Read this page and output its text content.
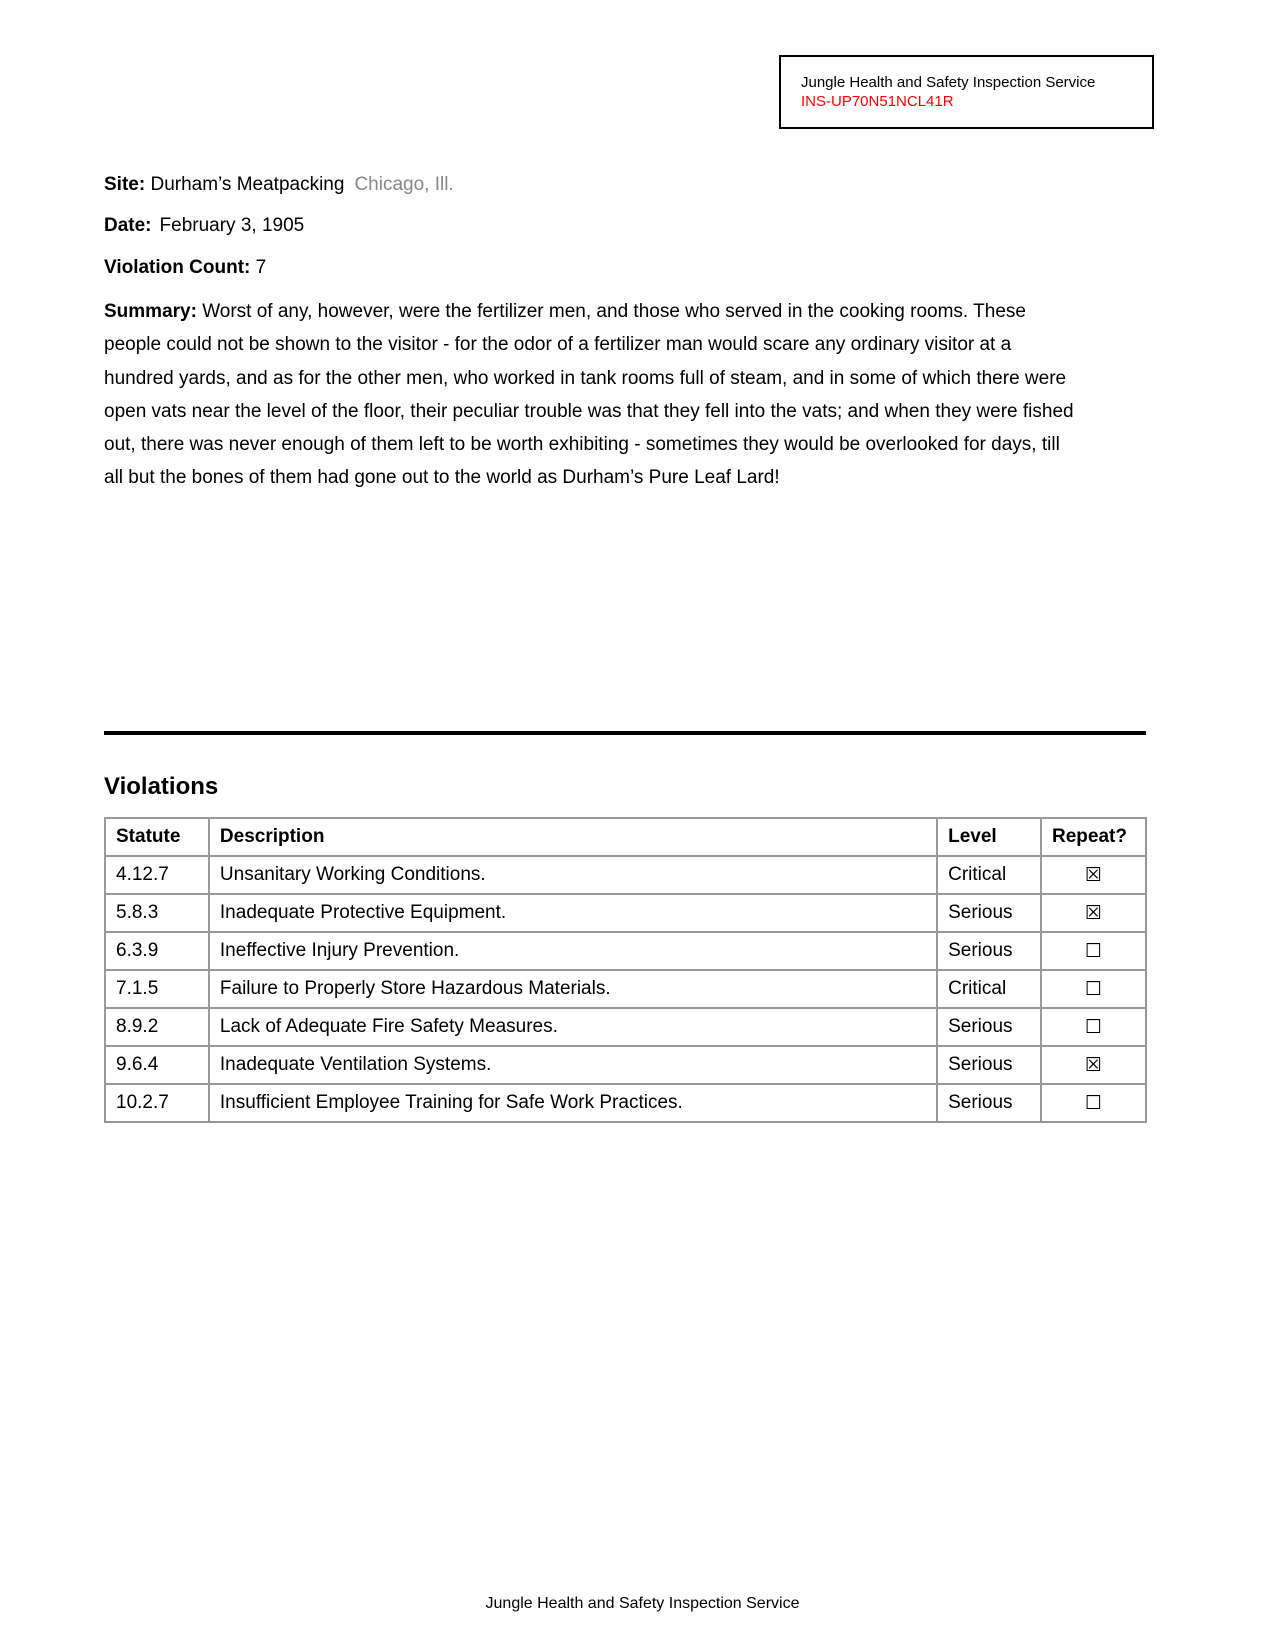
Jungle Health and Safety Inspection Service
INS-UP70N51NCL41R
Site: Durham’s Meatpacking Chicago, Ill.
Date: February 3, 1905
Violation Count: 7
Summary: Worst of any, however, were the fertilizer men, and those who served in the cooking rooms. These people could not be shown to the visitor - for the odor of a fertilizer man would scare any ordinary visitor at a hundred yards, and as for the other men, who worked in tank rooms full of steam, and in some of which there were open vats near the level of the floor, their peculiar trouble was that they fell into the vats; and when they were fished out, there was never enough of them left to be worth exhibiting - sometimes they would be overlooked for days, till all but the bones of them had gone out to the world as Durham’s Pure Leaf Lard!
Violations
Statute	Description	Level	Repeat?
4.12.7	Unsanitary Working Conditions.	Critical	☒
5.8.3	Inadequate Protective Equipment.	Serious	☒
6.3.9	Ineffective Injury Prevention.	Serious	☐
7.1.5	Failure to Properly Store Hazardous Materials.	Critical	☐
8.9.2	Lack of Adequate Fire Safety Measures.	Serious	☐
9.6.4	Inadequate Ventilation Systems.	Serious	☒
10.2.7	Insufficient Employee Training for Safe Work Practices.	Serious	☐
Jungle Health and Safety Inspection Service
